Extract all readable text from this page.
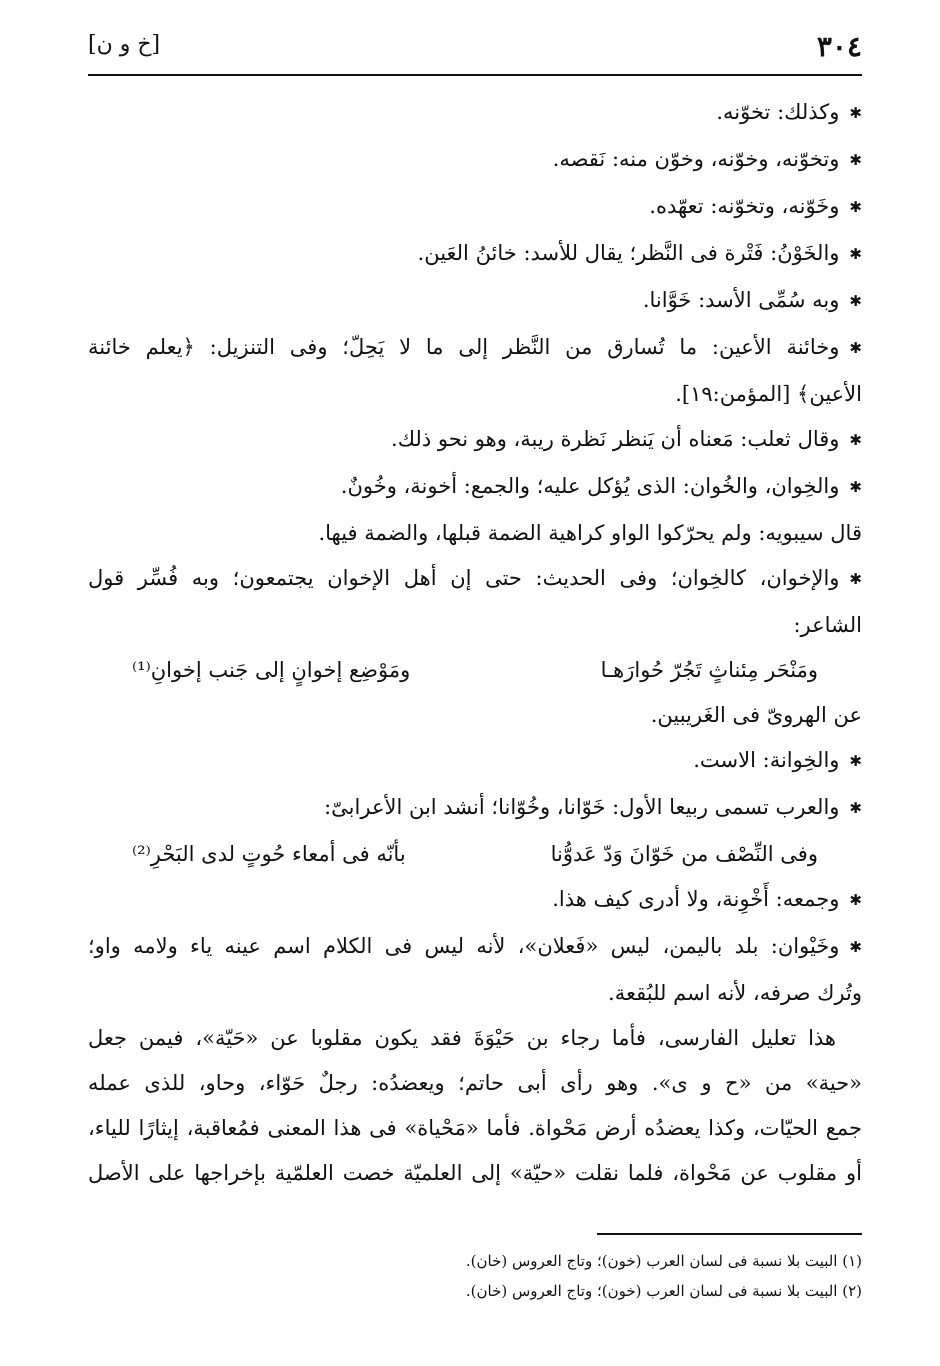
٣٠٤
[خ و ن]

✱ وكذلك: تخوّنه.

✱ وتخوّنه، وخوّنه، وخوّن منه: نَقصه.

✱ وخَوّنه، وتخوّنه: تعهّده.

✱ والخَوْنُ: فَتْرة فى النَّظر؛ يقال للأسد: خائنُ العَين.

✱ وبه سُمِّى الأسد: خَوَّانا.

✱ وخائنة الأعين: ما تُسارق من النَّظر إلى ما لا يَحِلّ؛ وفى التنزيل: ﴿يعلم خائنة

الأعين﴾ [المؤمن:١٩].

✱ وقال ثعلب: مَعناه أن يَنظر نَظرة ريبة، وهو نحو ذلك.

✱ والخِوان، والخُوان: الذى يُؤكل عليه؛ والجمع: أخونة، وخُونٌ.

قال سيبويه: ولم يحرّكوا الواو كراهية الضمة قبلها، والضمة فيها.

✱ والإخوان، كالخِوان؛ وفى الحديث: حتى إن أهل الإخوان يجتمعون؛ وبه فُسِّر قول

الشاعر:

ومَنْحَر مِئناثٍ تَجُرّ حُوارَهـا
ومَوْضِع إخوانٍ إلى جَنب إخوانِ⁽¹⁾

عن الهروىّ فى الغَريبين.

✱ والخِوانة: الاست.

✱ والعرب تسمى ربيعا الأول: خَوّانا، وخُوّانا؛ أنشد ابن الأعرابىّ:

وفى النِّصْف من خَوّانَ وَدّ عَدوُّنا
بأنّه فى أمعاء حُوتٍ لدى البَحْرِ⁽²⁾

✱ وجمعه: أَخْوِنة، ولا أدرى كيف هذا.

✱ وخَيْوان: بلد باليمن، ليس «فَعلان»، لأنه ليس فى الكلام اسم عينه ياء ولامه واو؛

وتُرك صرفه، لأنه اسم للبُقعة.

هذا تعليل الفارسى، فأما رجاء بن حَيْوَةَ فقد يكون مقلوبا عن «حَيّة»، فيمن جعل

«حية» من «ح و ى». وهو رأى أبى حاتم؛ ويعضدُه: رجلٌ حَوّاء، وحاو، للذى عمله

جمع الحيّات، وكذا يعضدُه أرض مَحْواة. فأما «مَحْياة» فى هذا المعنى فمُعاقبة، إيثارًا للياء،

أو مقلوب عن مَحْواة، فلما نقلت «حيّة» إلى العلميّة خصت العلمّية بإخراجها على الأصل

(١) البيت بلا نسبة فى لسان العرب (خون)؛ وتاج العروس (خان).

(٢) البيت بلا نسبة فى لسان العرب (خون)؛ وتاج العروس (خان).
